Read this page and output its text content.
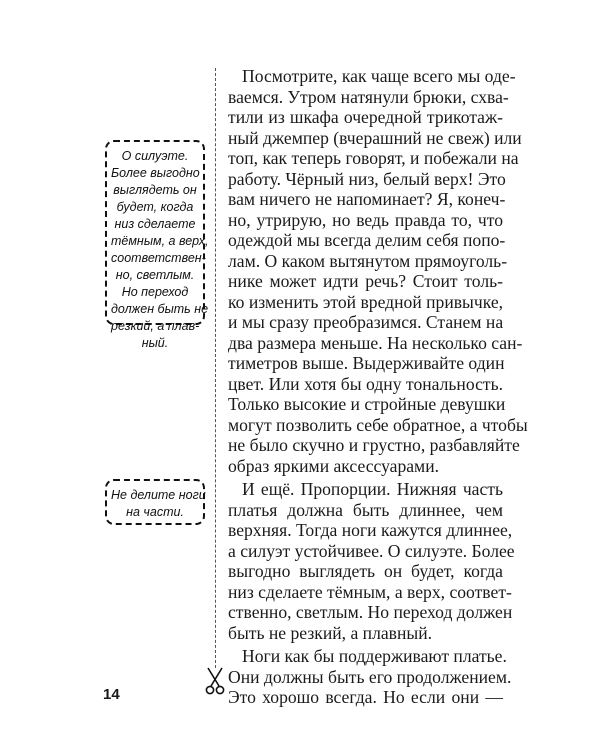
О силуэте.
Более выгодно
выглядеть он
будет, когда
низ сделаете
тёмным, а верх,
соответствен-
но, светлым.
Но переход
должен быть не
резкий, а плав-
ный.
Не делите ноги
на части.
Посмотрите, как чаще всего мы оде-
ваемся. Утром натянули брюки, схва-
тили из шкафа очередной трикотаж-
ный джемпер (вчерашний не свеж) или
топ, как теперь говорят, и побежали на
работу. Чёрный низ, белый верх! Это
вам ничего не напоминает? Я, конеч-
но, утрирую, но ведь правда то, что
одеждой мы всегда делим себя попо-
лам. О каком вытянутом прямоуголь-
нике может идти речь? Стоит толь-
ко изменить этой вредной привычке,
и мы сразу преобразимся. Станем на
два размера меньше. На несколько сан-
тиметров выше. Выдерживайте один
цвет. Или хотя бы одну тональность.
Только высокие и стройные девушки
могут позволить себе обратное, а чтобы
не было скучно и грустно, разбавляйте
образ яркими аксессуарами.
И ещё. Пропорции. Нижняя часть
платья должна быть длиннее, чем
верхняя. Тогда ноги кажутся длиннее,
а силуэт устойчивее. О силуэте. Более
выгодно выглядеть он будет, когда
низ сделаете тёмным, а верх, соответ-
ственно, светлым. Но переход должен
быть не резкий, а плавный.
Ноги как бы поддерживают платье.
Они должны быть его продолжением.
Это хорошо всегда. Но если они —
14
